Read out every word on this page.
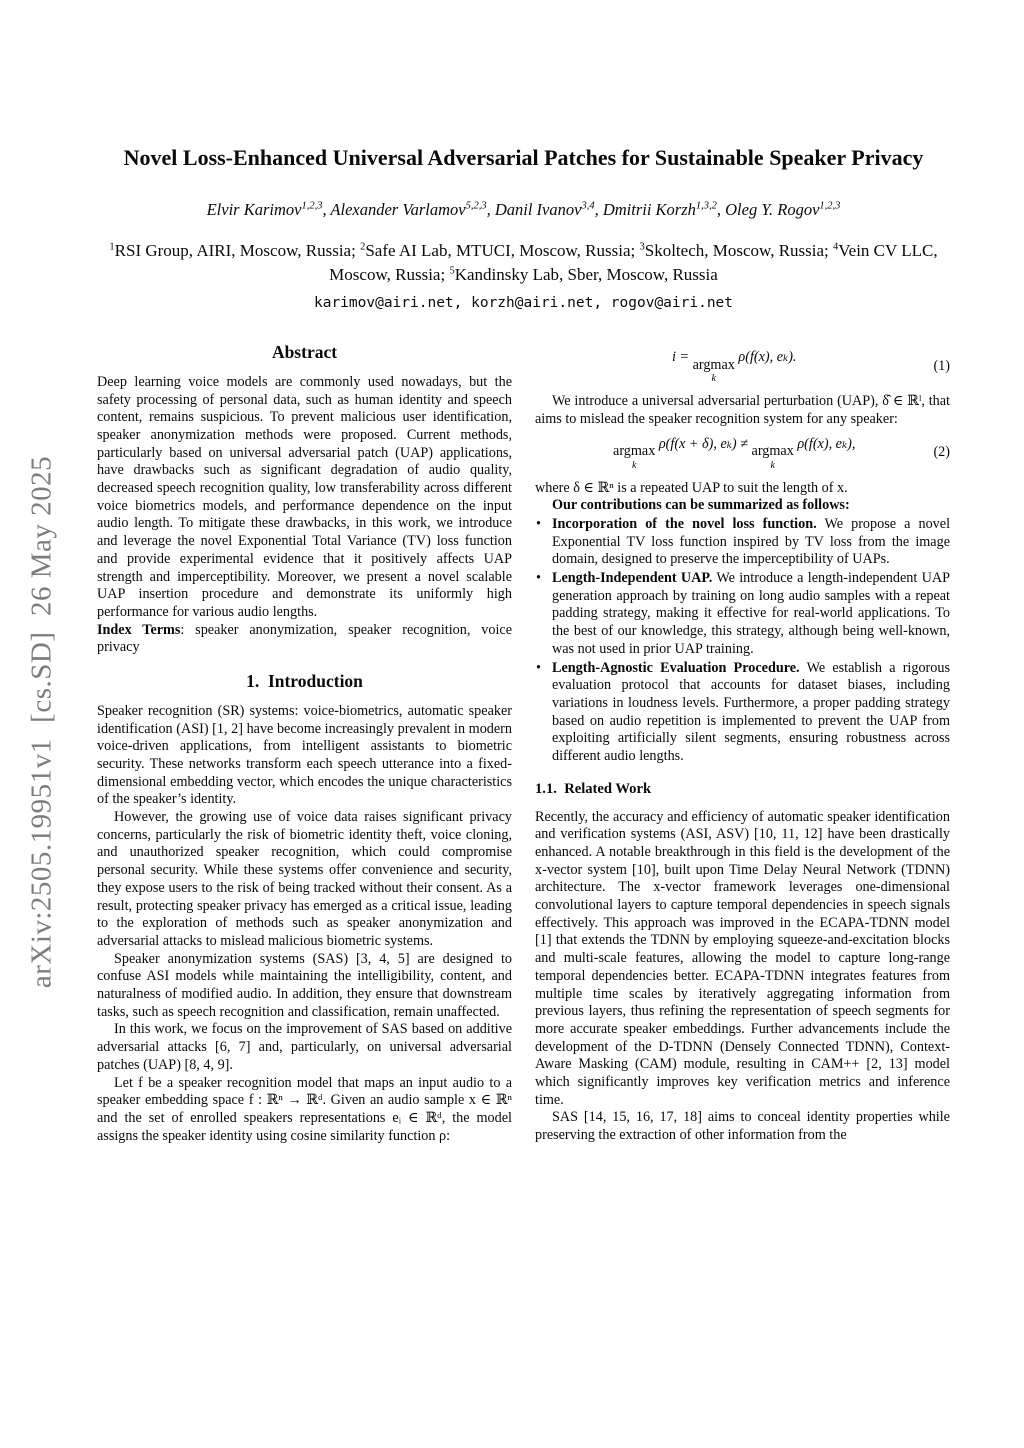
arXiv:2505.19951v1  [cs.SD]  26 May 2025
Novel Loss-Enhanced Universal Adversarial Patches for Sustainable Speaker Privacy
Elvir Karimov$^{1,2,3}$, Alexander Varlamov$^{5,2,3}$, Danil Ivanov$^{3,4}$, Dmitrii Korzh$^{1,3,2}$, Oleg Y. Rogov$^{1,2,3}$
$^1$RSI Group, AIRI, Moscow, Russia; $^2$Safe AI Lab, MTUCI, Moscow, Russia; $^3$Skoltech, Moscow, Russia; $^4$Vein CV LLC, Moscow, Russia; $^5$Kandinsky Lab, Sber, Moscow, Russia
karimov@airi.net, korzh@airi.net, rogov@airi.net
Abstract

Deep learning voice models are commonly used nowadays, but the safety processing of personal data, such as human identity and speech content, remains suspicious. To prevent malicious user identification, speaker anonymization methods were proposed. Current methods, particularly based on universal adversarial patch (UAP) applications, have drawbacks such as significant degradation of audio quality, decreased speech recognition quality, low transferability across different voice biometrics models, and performance dependence on the input audio length. To mitigate these drawbacks, in this work, we introduce and leverage the novel Exponential Total Variance (TV) loss function and provide experimental evidence that it positively affects UAP strength and imperceptibility. Moreover, we present a novel scalable UAP insertion procedure and demonstrate its uniformly high performance for various audio lengths.

Index Terms: speaker anonymization, speaker recognition, voice privacy

1.  Introduction

Speaker recognition (SR) systems: voice-biometrics, automatic speaker identification (ASI) [1, 2] have become increasingly prevalent in modern voice-driven applications, from intelligent assistants to biometric security. These networks transform each speech utterance into a fixed-dimensional embedding vector, which encodes the unique characteristics of the speaker’s identity.

However, the growing use of voice data raises significant privacy concerns, particularly the risk of biometric identity theft, voice cloning, and unauthorized speaker recognition, which could compromise personal security. While these systems offer convenience and security, they expose users to the risk of being tracked without their consent. As a result, protecting speaker privacy has emerged as a critical issue, leading to the exploration of methods such as speaker anonymization and adversarial attacks to mislead malicious biometric systems.

Speaker anonymization systems (SAS) [3, 4, 5] are designed to confuse ASI models while maintaining the intelligibility, content, and naturalness of modified audio. In addition, they ensure that downstream tasks, such as speech recognition and classification, remain unaffected.

In this work, we focus on the improvement of SAS based on additive adversarial attacks [6, 7] and, particularly, on universal adversarial patches (UAP) [8, 4, 9].

Let f be a speaker recognition model that maps an input audio to a speaker embedding space f : ℝⁿ → ℝᵈ. Given an audio sample x ∈ ℝⁿ and the set of enrolled speakers representations eᵢ ∈ ℝᵈ, the model assigns the speaker identity using cosine similarity function ρ:

i = argmax
k
ρ(f(x), eₖ).
(1)

We introduce a universal adversarial perturbation (UAP), δ̂ ∈ ℝˡ, that aims to mislead the speaker recognition system for any speaker:

argmax
k
ρ(f(x + δ), eₖ) ≠ argmax
k
ρ(f(x), eₖ),
(2)

where δ ∈ ℝⁿ is a repeated UAP to suit the length of x.

Our contributions can be summarized as follows:

• Incorporation of the novel loss function. We propose a novel Exponential TV loss function inspired by TV loss from the image domain, designed to preserve the imperceptibility of UAPs.
• Length-Independent UAP. We introduce a length-independent UAP generation approach by training on long audio samples with a repeat padding strategy, making it effective for real-world applications. To the best of our knowledge, this strategy, although being well-known, was not used in prior UAP training.
• Length-Agnostic Evaluation Procedure. We establish a rigorous evaluation protocol that accounts for dataset biases, including variations in loudness levels. Furthermore, a proper padding strategy based on audio repetition is implemented to prevent the UAP from exploiting artificially silent segments, ensuring robustness across different audio lengths.
1.1.  Related Work

Recently, the accuracy and efficiency of automatic speaker identification and verification systems (ASI, ASV) [10, 11, 12] have been drastically enhanced. A notable breakthrough in this field is the development of the x-vector system [10], built upon Time Delay Neural Network (TDNN) architecture. The x-vector framework leverages one-dimensional convolutional layers to capture temporal dependencies in speech signals effectively. This approach was improved in the ECAPA-TDNN model [1] that extends the TDNN by employing squeeze-and-excitation blocks and multi-scale features, allowing the model to capture long-range temporal dependencies better. ECAPA-TDNN integrates features from multiple time scales by iteratively aggregating information from previous layers, thus refining the representation of speech segments for more accurate speaker embeddings. Further advancements include the development of the D-TDNN (Densely Connected TDNN), Context-Aware Masking (CAM) module, resulting in CAM++ [2, 13] model which significantly improves key verification metrics and inference time.

SAS [14, 15, 16, 17, 18] aims to conceal identity properties while preserving the extraction of other information from the
